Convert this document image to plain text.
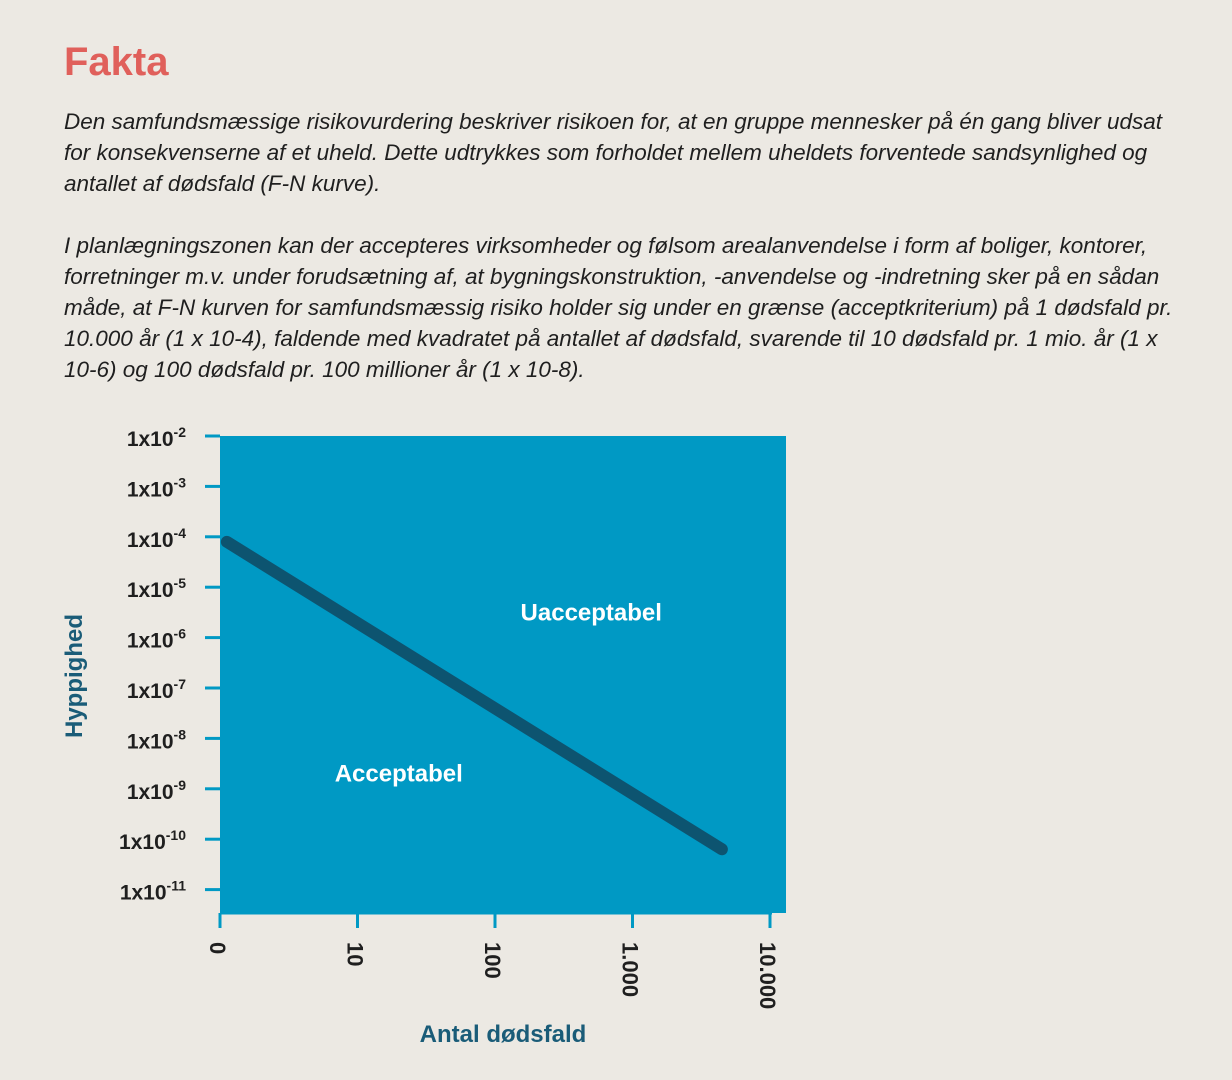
Fakta

Den samfundsmæssige risikovurdering beskriver risikoen for, at en gruppe mennesker på én gang bliver udsat for konsekvenserne af et uheld. Dette udtrykkes som forholdet mellem uheldets forventede sandsynlighed og antallet af dødsfald (F-N kurve).

I planlægningszonen kan der accepteres virksomheder og følsom arealanvendelse i form af boliger, kontorer, forretninger m.v. under forudsætning af, at bygningskonstruktion, -anvendelse og -indretning sker på en sådan måde, at F-N kurven for samfundsmæssig risiko holder sig under en grænse (acceptkriterium) på 1 dødsfald pr. 10.000 år (1 x 10-4), faldende med kvadratet på antallet af dødsfald, svarende til 10 dødsfald pr. 1 mio. år (1 x 10-6) og 100 dødsfald pr. 100 millioner år (1 x 10-8).

$1x10^{-2}$
$1x10^{-3}$
$1x10^{-4}$
$1x10^{-5}$
$1x10^{-6}$
$1x10^{-7}$
$1x10^{-8}$
$1x10^{-9}$
$1x10^{-10}$
$1x10^{-11}$
0	10	100	1.000	10.000
Uacceptabel
Acceptabel
Antal dødsfald
Hyppighed
